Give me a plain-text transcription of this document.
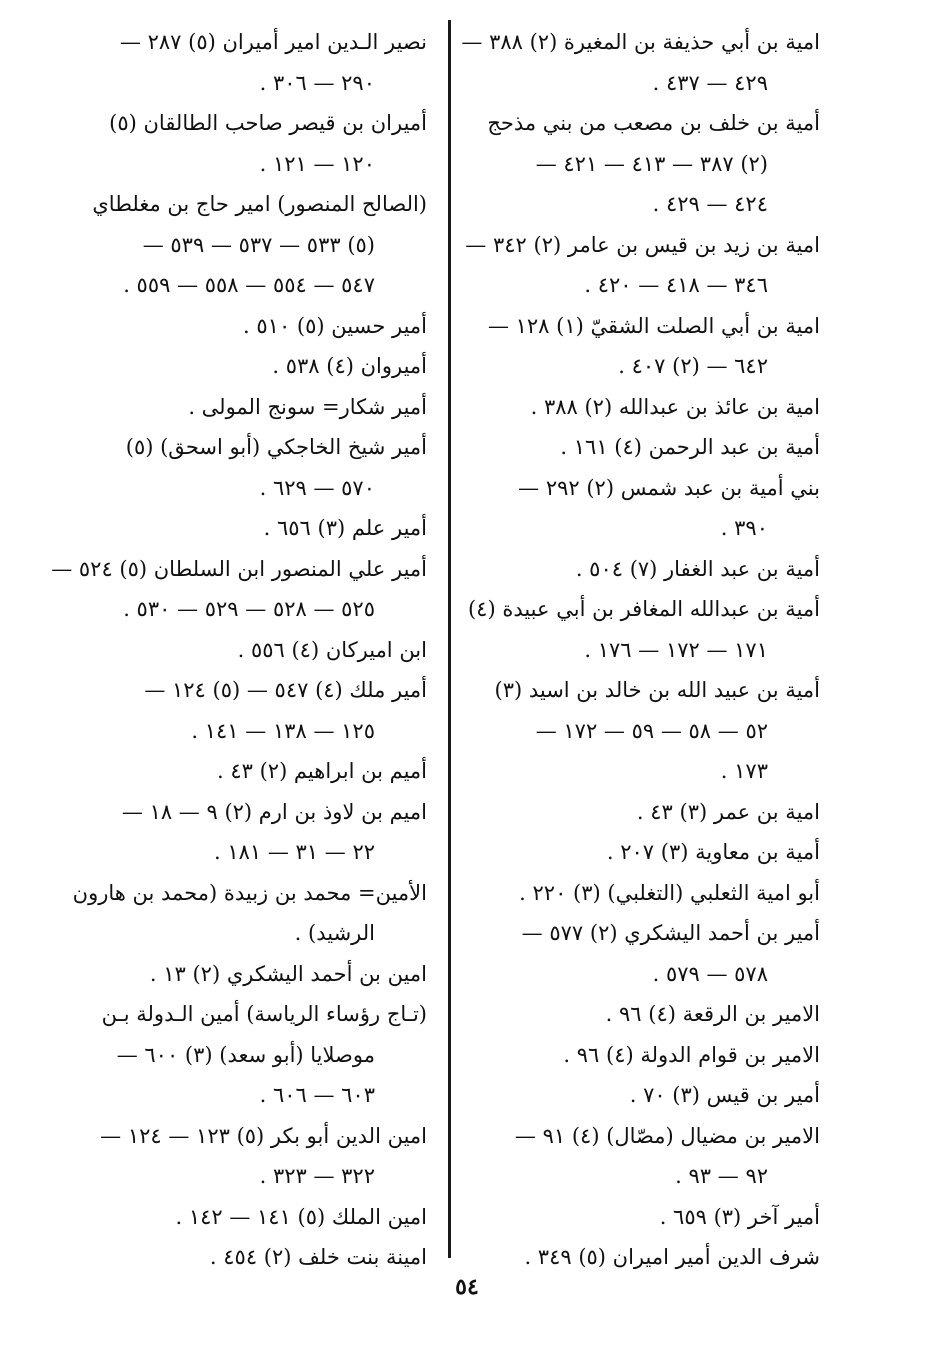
امية بن أبي حذيفة بن المغيرة (٢) ٣٨٨ —
٤٢٩ — ٤٣٧ .
أمية بن خلف بن مصعب من بني مذحج
(٢) ٣٨٧ — ٤١٣ — ٤٢١ —
٤٢٤ — ٤٢٩ .
امية بن زيد بن قيس بن عامر (٢) ٣٤٢ —
٣٤٦ — ٤١٨ — ٤٢٠ .
امية بن أبي الصلت الشقيّ (١) ١٢٨ —
٦٤٢ — (٢) ٤٠٧ .
امية بن عائذ بن عبدالله (٢) ٣٨٨ .
أمية بن عبد الرحمن (٤) ١٦١ .
بني أمية بن عبد شمس (٢) ٢٩٢ —
٣٩٠ .
أمية بن عبد الغفار (٧) ٥٠٤ .
أمية بن عبدالله المغافر بن أبي عبيدة (٤)
١٧١ — ١٧٢ — ١٧٦ .
أمية بن عبيد الله بن خالد بن اسيد (٣)
٥٢ — ٥٨ — ٥٩ — ١٧٢ —
١٧٣ .
امية بن عمر (٣) ٤٣ .
أمية بن معاوية (٣) ٢٠٧ .
أبو امية الثعلبي (التغلبي) (٣) ٢٢٠ .
أمير بن أحمد اليشكري (٢) ٥٧٧ —
٥٧٨ — ٥٧٩ .
الامير بن الرقعة (٤) ٩٦ .
الامير بن قوام الدولة (٤) ٩٦ .
أمير بن قيس (٣) ٧٠ .
الامير بن مضيال (مصّال) (٤) ٩١ —
٩٢ — ٩٣ .
أمير آخر (٣) ٦٥٩ .
شرف الدين أمير اميران (٥) ٣٤٩ .
نصير الـدين امير أميران (٥) ٢٨٧ —
٢٩٠ — ٣٠٦ .
أميران بن قيصر صاحب الطالقان (٥)
١٢٠ — ١٢١ .
(الصالح المنصور) امير حاج بن مغلطاي
(٥) ٥٣٣ — ٥٣٧ — ٥٣٩ —
٥٤٧ — ٥٥٤ — ٥٥٨ — ٥٥٩ .
أمير حسين (٥) ٥١٠ .
أميروان (٤) ٥٣٨ .
أمير شكار= سونج المولى .
أمير شيخ الخاجكي (أبو اسحق) (٥)
٥٧٠ — ٦٢٩ .
أمير علم (٣) ٦٥٦ .
أمير علي المنصور ابن السلطان (٥) ٥٢٤ —
٥٢٥ — ٥٢٨ — ٥٢٩ — ٥٣٠ .
ابن اميركان (٤) ٥٥٦ .
أمير ملك (٤) ٥٤٧ — (٥) ١٢٤ —
١٢٥ — ١٣٨ — ١٤١ .
أميم بن ابراهيم (٢) ٤٣ .
اميم بن لاوذ بن ارم (٢) ٩ — ١٨ —
٢٢ — ٣١ — ١٨١ .
الأمين= محمد بن زبيدة (محمد بن هارون
الرشيد) .
امين بن أحمد اليشكري (٢) ١٣ .
(تـاج رؤساء الرياسة) أمين الـدولة بـن
موصلايا (أبو سعد) (٣) ٦٠٠ —
٦٠٣ — ٦٠٦ .
امين الدين أبو بكر (٥) ١٢٣ — ١٢٤ —
٣٢٢ — ٣٢٣ .
امين الملك (٥) ١٤١ — ١٤٢ .
امينة بنت خلف (٢) ٤٥٤ .
٥٤
